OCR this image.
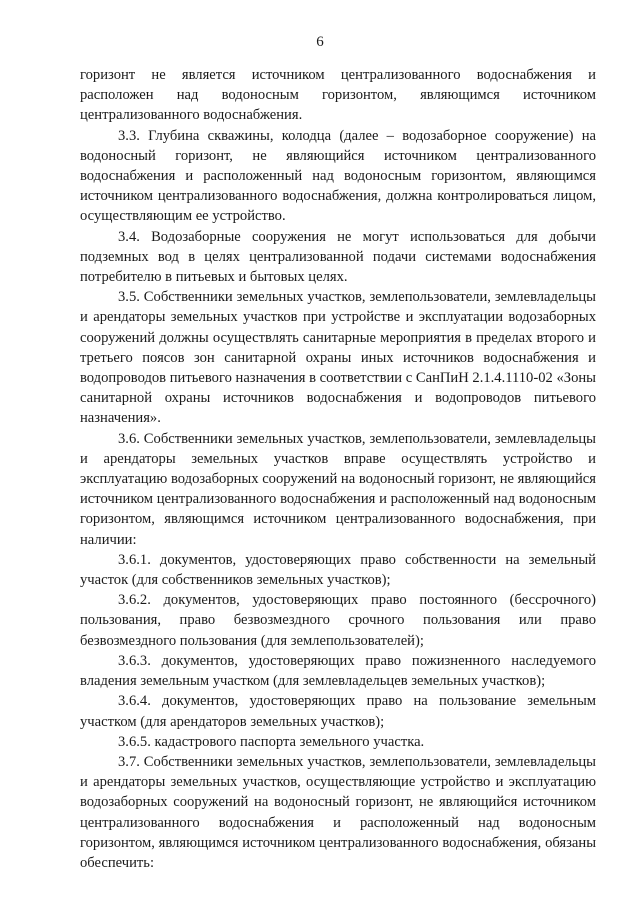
6

горизонт не является источником централизованного водоснабжения и расположен над водоносным горизонтом, являющимся источником централизованного водоснабжения.

3.3. Глубина скважины, колодца (далее – водозаборное сооружение) на водоносный горизонт, не являющийся источником централизованного водоснабжения и расположенный над водоносным горизонтом, являющимся источником централизованного водоснабжения, должна контролироваться лицом, осуществляющим ее устройство.

3.4. Водозаборные сооружения не могут использоваться для добычи подземных вод в целях централизованной подачи системами водоснабжения потребителю в питьевых и бытовых целях.

3.5. Собственники земельных участков, землепользователи, землевладельцы и арендаторы земельных участков при устройстве и эксплуатации водозаборных сооружений должны осуществлять санитарные мероприятия в пределах второго и третьего поясов зон санитарной охраны иных источников водоснабжения и водопроводов питьевого назначения в соответствии с СанПиН 2.1.4.1110-02 «Зоны санитарной охраны источников водоснабжения и водопроводов питьевого назначения».

3.6. Собственники земельных участков, землепользователи, землевладельцы и арендаторы земельных участков вправе осуществлять устройство и эксплуатацию водозаборных сооружений на водоносный горизонт, не являющийся источником централизованного водоснабжения и расположенный над водоносным горизонтом, являющимся источником централизованного водоснабжения, при наличии:

3.6.1. документов, удостоверяющих право собственности на земельный участок (для собственников земельных участков);

3.6.2. документов, удостоверяющих право постоянного (бессрочного) пользования, право безвозмездного срочного пользования или право безвозмездного пользования (для землепользователей);

3.6.3. документов, удостоверяющих право пожизненного наследуемого владения земельным участком (для землевладельцев земельных участков);

3.6.4. документов, удостоверяющих право на пользование земельным участком (для арендаторов земельных участков);

3.6.5. кадастрового паспорта земельного участка.

3.7. Собственники земельных участков, землепользователи, землевладельцы и арендаторы земельных участков, осуществляющие устройство и эксплуатацию водозаборных сооружений на водоносный горизонт, не являющийся источником централизованного водоснабжения и расположенный над водоносным горизонтом, являющимся источником централизованного водоснабжения, обязаны обеспечить:
